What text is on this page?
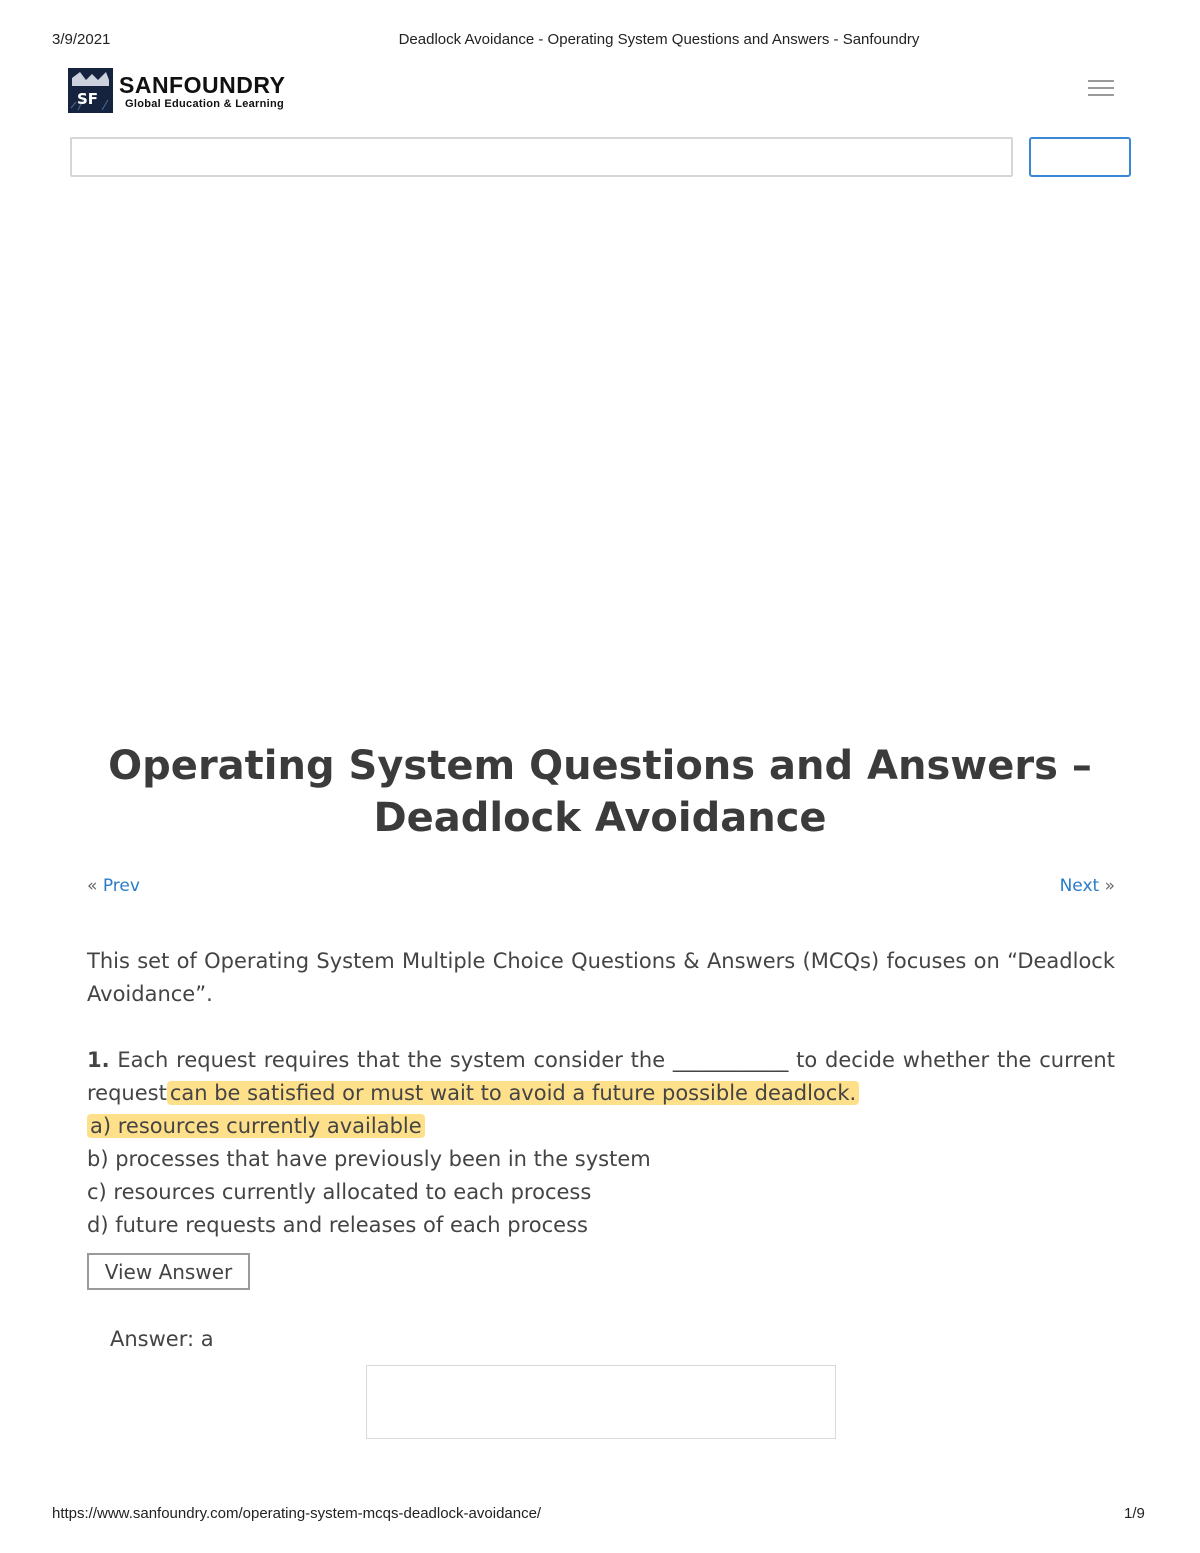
3/9/2021	Deadlock Avoidance - Operating System Questions and Answers - Sanfoundry
SF
SANFOUNDRY
Global Education & Learning
Operating System Questions and Answers – Deadlock Avoidance
« Prev	Next »

This set of Operating System Multiple Choice Questions & Answers (MCQs) focuses on “Deadlock Avoidance”.

1. Each request requires that the system consider the ___________ to decide whether the current request can be satisfied or must wait to avoid a future possible deadlock.

a) resources currently available

b) processes that have previously been in the system

c) resources currently allocated to each process

d) future requests and releases of each process

View Answer

Answer: a

https://www.sanfoundry.com/operating-system-mcqs-deadlock-avoidance/	1/9
